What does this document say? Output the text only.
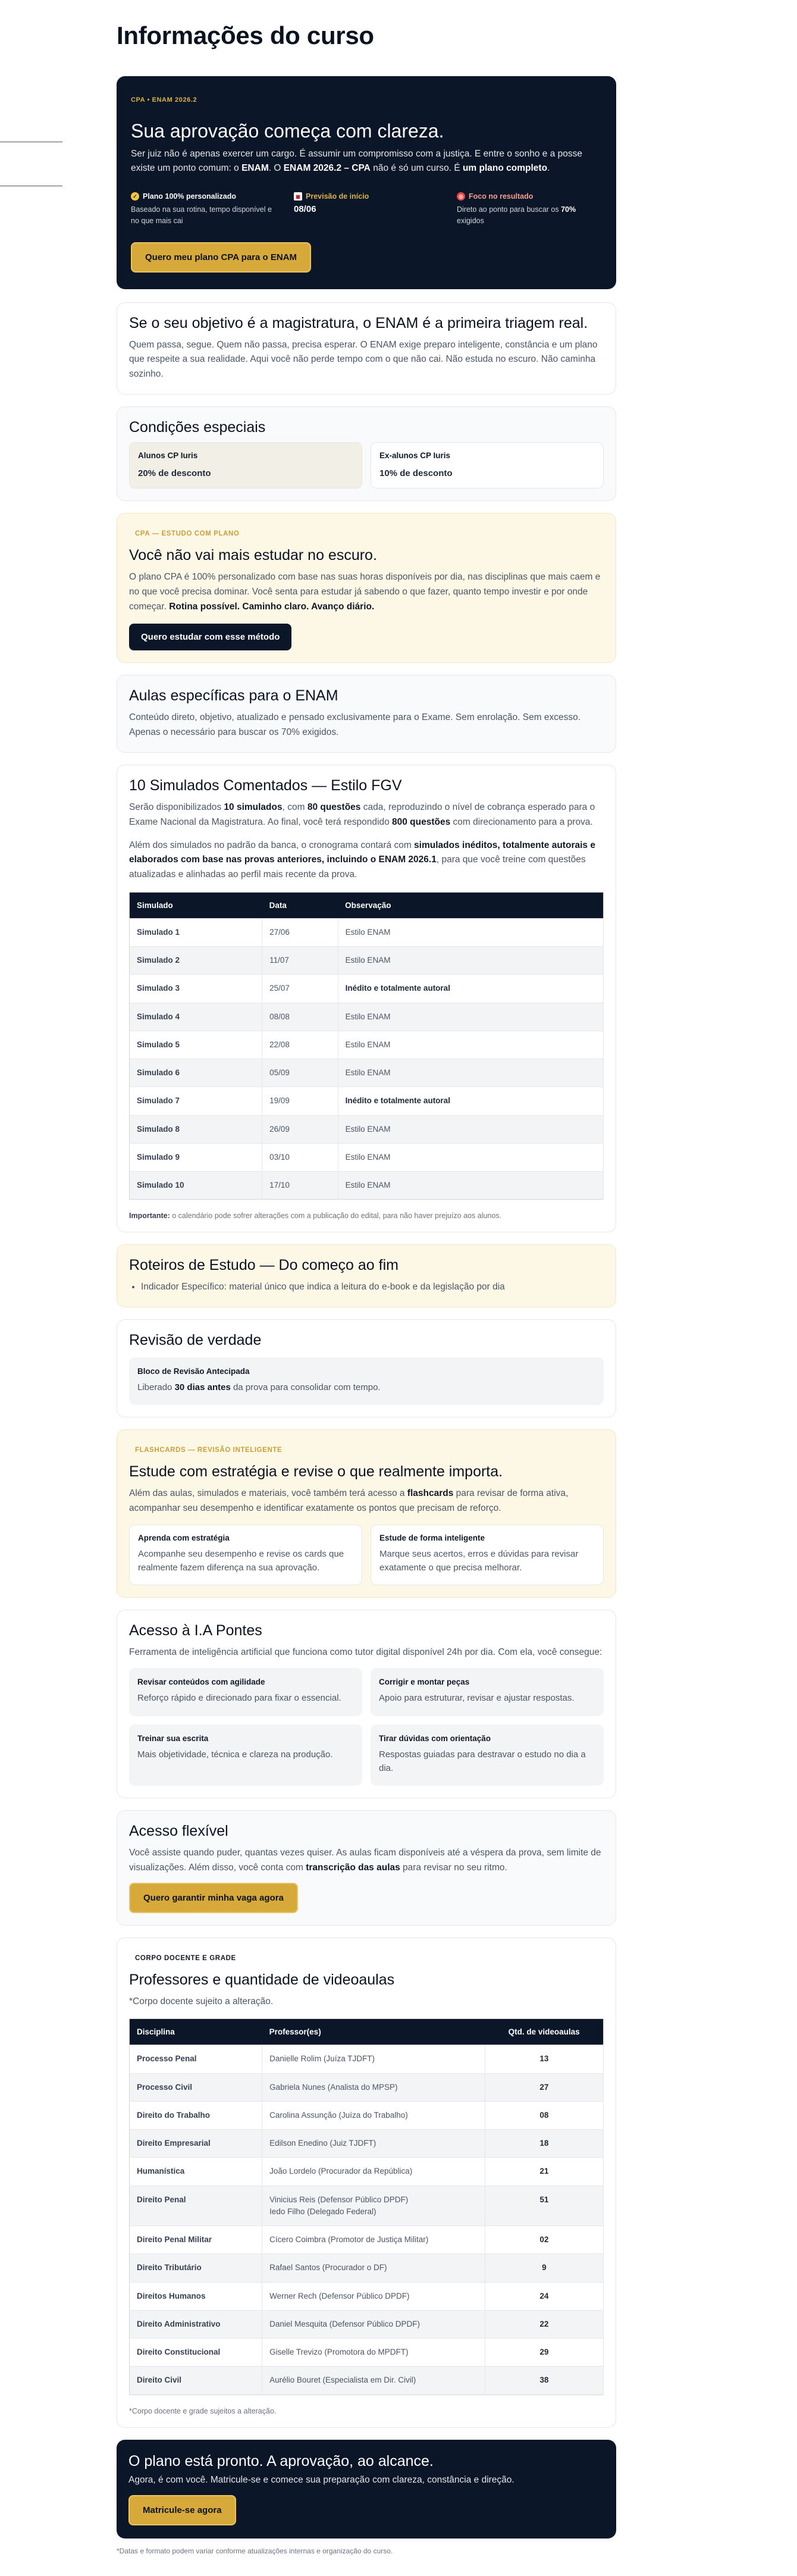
Informações do curso
CPA • ENAM 2026.2
Sua aprovação começa com clareza.

Ser juiz não é apenas exercer um cargo. É assumir um compromisso com a justiça. E entre o sonho e a posse existe um ponto comum: o ENAM. O ENAM 2026.2 – CPA não é só um curso. É um plano completo.

✓ Plano 100% personalizado
Baseado na sua rotina, tempo disponível e no que mais cai
▦ Previsão de início
08/06
◎ Foco no resultado
Direto ao ponto para buscar os 70% exigidos
Quero meu plano CPA para o ENAM
Se o seu objetivo é a magistratura, o ENAM é a primeira triagem real.

Quem passa, segue. Quem não passa, precisa esperar. O ENAM exige preparo inteligente, constância e um plano que respeite a sua realidade. Aqui você não perde tempo com o que não cai. Não estuda no escuro. Não caminha sozinho.

Condições especiais
Alunos CP Iuris
20% de desconto
Ex-alunos CP Iuris
10% de desconto
CPA — ESTUDO COM PLANO
Você não vai mais estudar no escuro.

O plano CPA é 100% personalizado com base nas suas horas disponíveis por dia, nas disciplinas que mais caem e no que você precisa dominar. Você senta para estudar já sabendo o que fazer, quanto tempo investir e por onde começar. Rotina possível. Caminho claro. Avanço diário.

Quero estudar com esse método
Aulas específicas para o ENAM

Conteúdo direto, objetivo, atualizado e pensado exclusivamente para o Exame. Sem enrolação. Sem excesso. Apenas o necessário para buscar os 70% exigidos.

10 Simulados Comentados — Estilo FGV

Serão disponibilizados 10 simulados, com 80 questões cada, reproduzindo o nível de cobrança esperado para o Exame Nacional da Magistratura. Ao final, você terá respondido 800 questões com direcionamento para a prova.

Além dos simulados no padrão da banca, o cronograma contará com simulados inéditos, totalmente autorais e elaborados com base nas provas anteriores, incluindo o ENAM 2026.1, para que você treine com questões atualizadas e alinhadas ao perfil mais recente da prova.

Simulado	Data	Observação
Simulado 1	27/06	Estilo ENAM
Simulado 2	11/07	Estilo ENAM
Simulado 3	25/07	Inédito e totalmente autoral
Simulado 4	08/08	Estilo ENAM
Simulado 5	22/08	Estilo ENAM
Simulado 6	05/09	Estilo ENAM
Simulado 7	19/09	Inédito e totalmente autoral
Simulado 8	26/09	Estilo ENAM
Simulado 9	03/10	Estilo ENAM
Simulado 10	17/10	Estilo ENAM
Importante: o calendário pode sofrer alterações com a publicação do edital, para não haver prejuízo aos alunos.
Roteiros de Estudo — Do começo ao fim
• Indicador Específico: material único que indica a leitura do e-book e da legislação por dia
Revisão de verdade
Bloco de Revisão Antecipada
Liberado 30 dias antes da prova para consolidar com tempo.
FLASHCARDS — REVISÃO INTELIGENTE
Estude com estratégia e revise o que realmente importa.

Além das aulas, simulados e materiais, você também terá acesso a flashcards para revisar de forma ativa, acompanhar seu desempenho e identificar exatamente os pontos que precisam de reforço.

Aprenda com estratégia
Acompanhe seu desempenho e revise os cards que realmente fazem diferença na sua aprovação.
Estude de forma inteligente
Marque seus acertos, erros e dúvidas para revisar exatamente o que precisa melhorar.
Acesso à I.A Pontes

Ferramenta de inteligência artificial que funciona como tutor digital disponível 24h por dia. Com ela, você consegue:

Revisar conteúdos com agilidade
Reforço rápido e direcionado para fixar o essencial.
Corrigir e montar peças
Apoio para estruturar, revisar e ajustar respostas.
Treinar sua escrita
Mais objetividade, técnica e clareza na produção.
Tirar dúvidas com orientação
Respostas guiadas para destravar o estudo no dia a dia.
Acesso flexível

Você assiste quando puder, quantas vezes quiser. As aulas ficam disponíveis até a véspera da prova, sem limite de visualizações. Além disso, você conta com transcrição das aulas para revisar no seu ritmo.

Quero garantir minha vaga agora
CORPO DOCENTE E GRADE
Professores e quantidade de videoaulas

*Corpo docente sujeito a alteração.

Disciplina	Professor(es)	Qtd. de videoaulas
Processo Penal	Danielle Rolim (Juíza TJDFT)	13
Processo Civil	Gabriela Nunes (Analista do MPSP)	27
Direito do Trabalho	Carolina Assunção (Juíza do Trabalho)	08
Direito Empresarial	Edilson Enedino (Juiz TJDFT)	18
Humanística	João Lordelo (Procurador da República)	21
Direito Penal	Vinicius Reis (Defensor Público DPDF)
Iedo Filho (Delegado Federal)	51
Direito Penal Militar	Cícero Coimbra (Promotor de Justiça Militar)	02
Direito Tributário	Rafael Santos (Procurador o DF)	9
Direitos Humanos	Werner Rech (Defensor Público DPDF)	24
Direito Administrativo	Daniel Mesquita (Defensor Público DPDF)	22
Direito Constitucional	Giselle Trevizo (Promotora do MPDFT)	29
Direito Civil	Aurélio Bouret (Especialista em Dir. Civil)	38
*Corpo docente e grade sujeitos a alteração.
O plano está pronto. A aprovação, ao alcance.

Agora, é com você. Matricule-se e comece sua preparação com clareza, constância e direção.

Matricule-se agora
*Datas e formato podem variar conforme atualizações internas e organização do curso.
